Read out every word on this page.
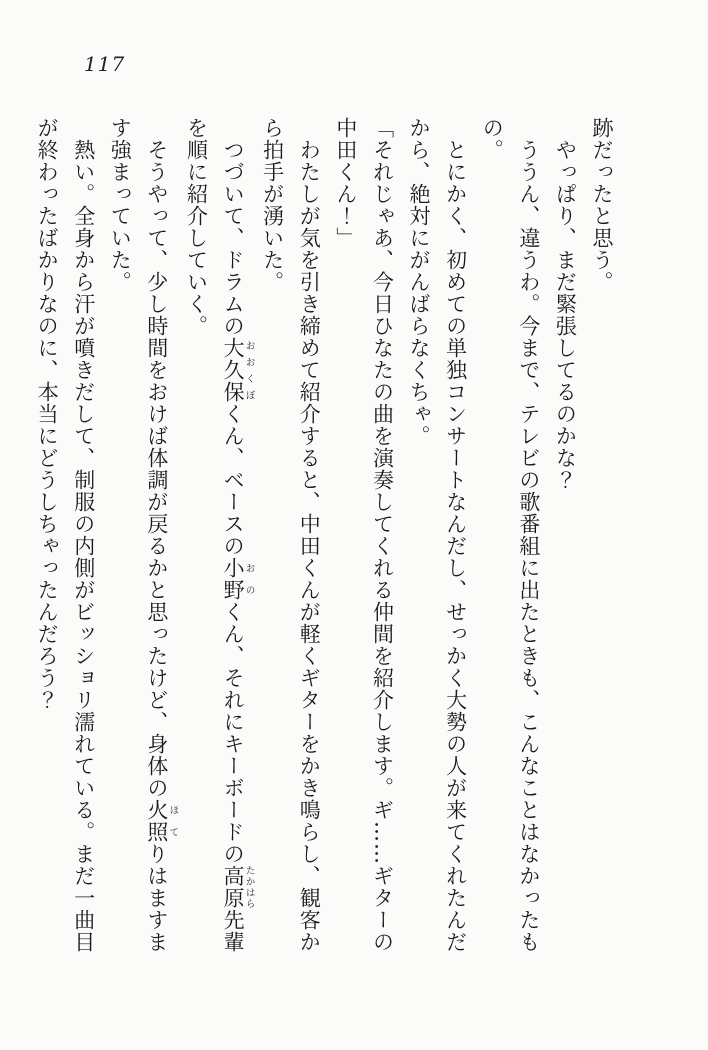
117
跡だったと思う。
やっぱり、まだ緊張してるのかな？
ううん、違うわ。今まで、テレビの歌番組に出たときも、こんなことはなかったも
の。
とにかく、初めての単独コンサートなんだし、せっかく大勢の人が来てくれたんだ
から、絶対にがんばらなくちゃ。
「それじゃあ、今日ひなたの曲を演奏してくれる仲間を紹介します。ギ……ギターの
中田くん！」
わたしが気を引き締めて紹介すると、中田くんが軽くギターをかき鳴らし、観客か
ら拍手が湧いた。
つづいて、ドラムの大久保おおくぼくん、ベースの小野おのくん、それにキーボードの高原たかはら先輩
を順に紹介していく。
そうやって、少し時間をおけば体調が戻るかと思ったけど、身体の火照ほてりはますま
す強まっていた。
熱い。全身から汗が噴きだして、制服の内側がビッショリ濡れている。まだ一曲目
が終わったばかりなのに、本当にどうしちゃったんだろう？
